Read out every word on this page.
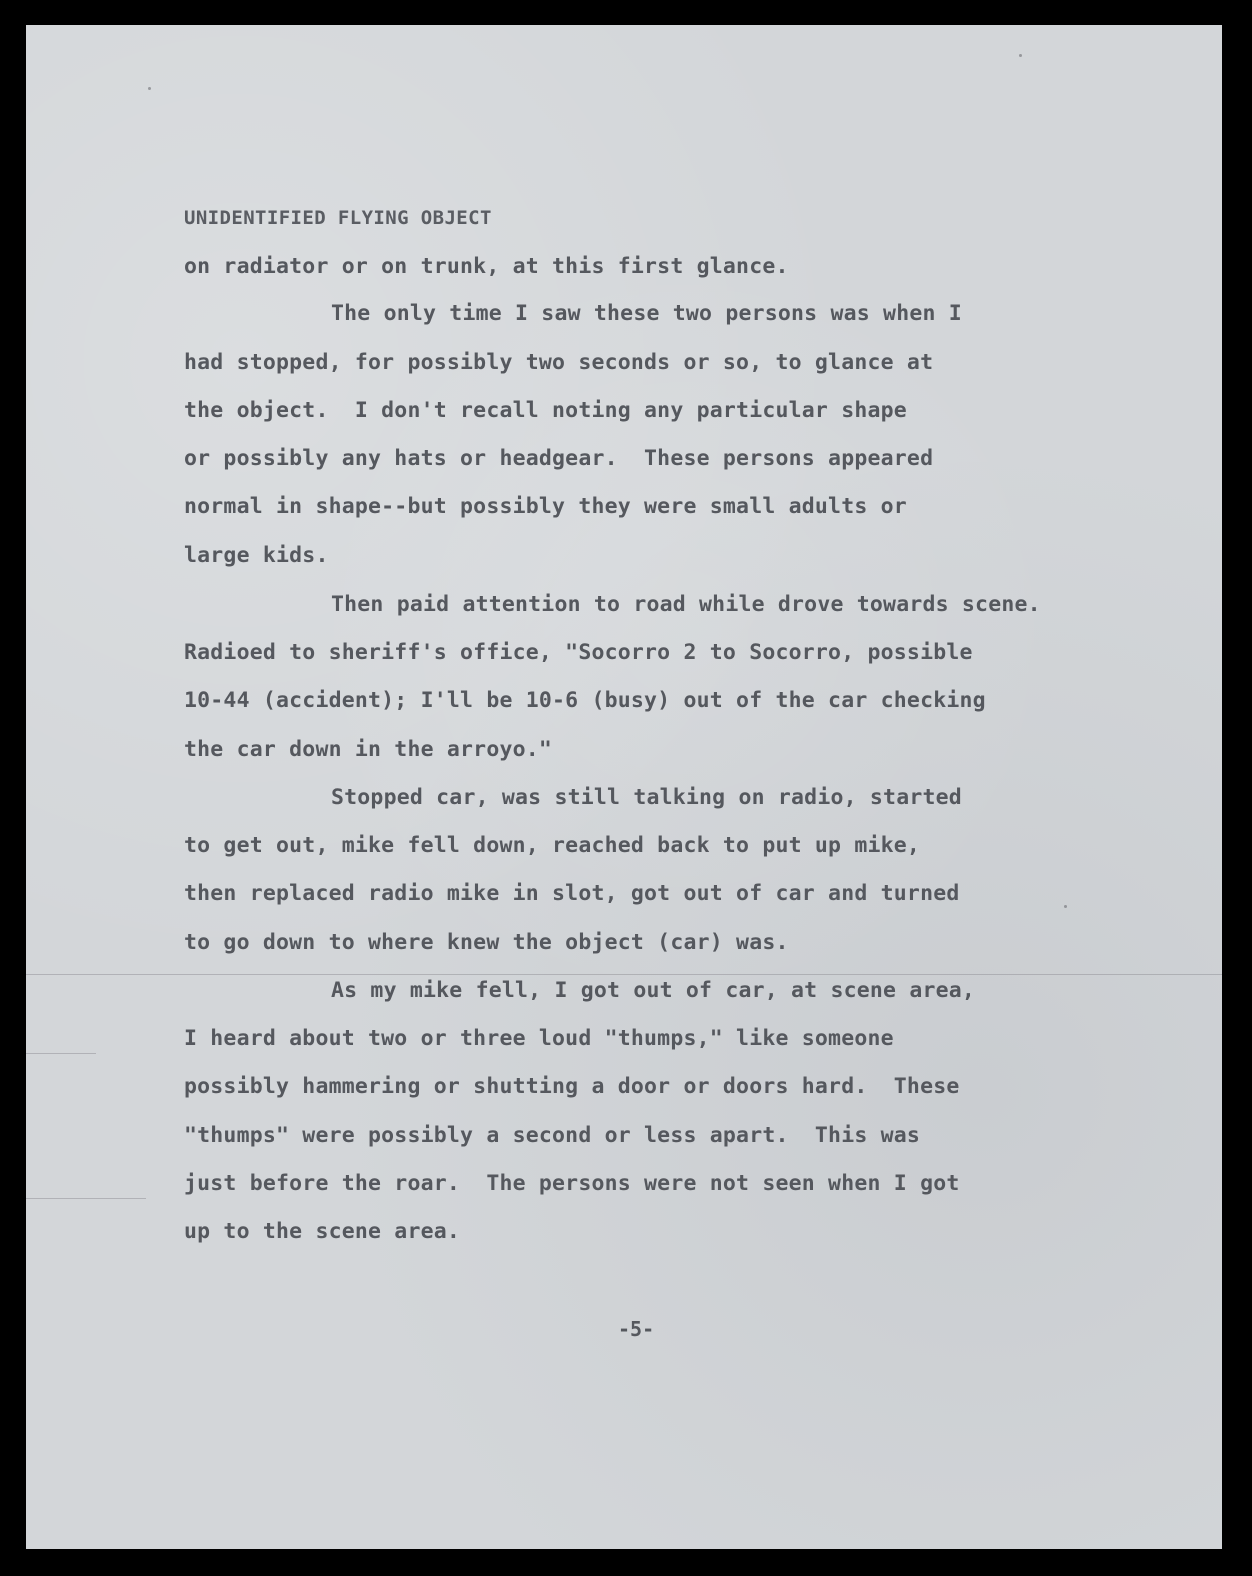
UNIDENTIFIED FLYING OBJECT

on radiator or on trunk, at this first glance.

The only time I saw these two persons was when I

had stopped, for possibly two seconds or so, to glance at

the object.  I don't recall noting any particular shape

or possibly any hats or headgear.  These persons appeared

normal in shape--but possibly they were small adults or

large kids.

Then paid attention to road while drove towards scene.

Radioed to sheriff's office, "Socorro 2 to Socorro, possible

10-44 (accident); I'll be 10-6 (busy) out of the car checking

the car down in the arroyo."

Stopped car, was still talking on radio, started

to get out, mike fell down, reached back to put up mike,

then replaced radio mike in slot, got out of car and turned

to go down to where knew the object (car) was.

As my mike fell, I got out of car, at scene area,

I heard about two or three loud "thumps," like someone

possibly hammering or shutting a door or doors hard.  These

"thumps" were possibly a second or less apart.  This was

just before the roar.  The persons were not seen when I got

up to the scene area.

-5-
